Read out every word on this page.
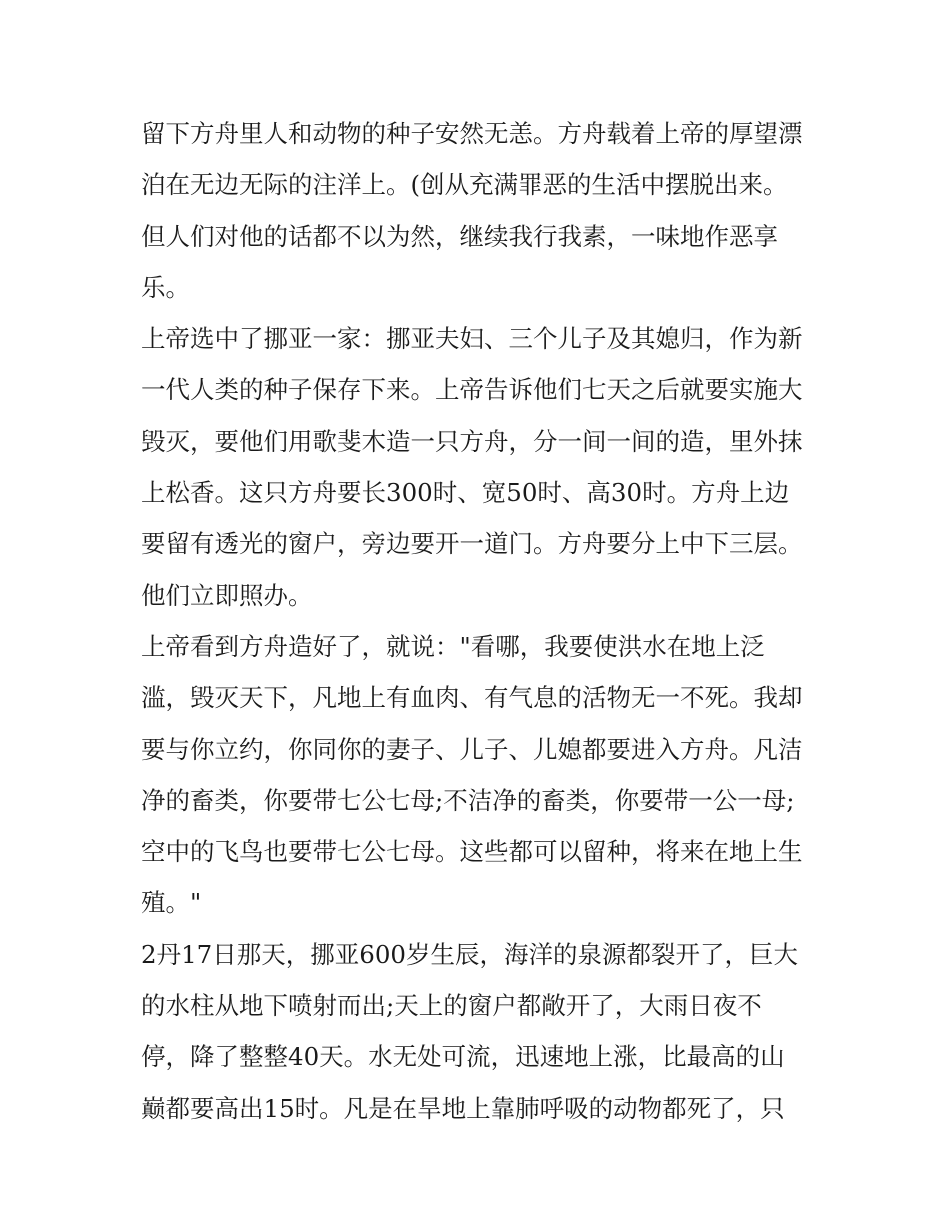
留下方舟里人和动物的种子安然无恙。方舟载着上帝的厚望漂
泊在无边无际的注洋上。(创从充满罪恶的生活中摆脱出来。
但人们对他的话都不以为然，继续我行我素，一味地作恶享
乐。
上帝选中了挪亚一家：挪亚夫妇、三个儿子及其媳归，作为新
一代人类的种子保存下来。上帝告诉他们七天之后就要实施大
毁灭，要他们用歌斐木造一只方舟，分一间一间的造，里外抹
上松香。这只方舟要长300时、宽50时、高30时。方舟上边
要留有透光的窗户，旁边要开一道门。方舟要分上中下三层。
他们立即照办。
上帝看到方舟造好了，就说："看哪，我要使洪水在地上泛
滥，毁灭天下，凡地上有血肉、有气息的活物无一不死。我却
要与你立约，你同你的妻子、儿子、儿媳都要进入方舟。凡洁
净的畜类，你要带七公七母;不洁净的畜类，你要带一公一母;
空中的飞鸟也要带七公七母。这些都可以留种，将来在地上生
殖。"
2丹17日那天，挪亚600岁生辰，海洋的泉源都裂开了，巨大
的水柱从地下喷射而出;天上的窗户都敞开了，大雨日夜不
停，降了整整40天。水无处可流，迅速地上涨，比最高的山
巅都要高出15时。凡是在旱地上靠肺呼吸的动物都死了，只
